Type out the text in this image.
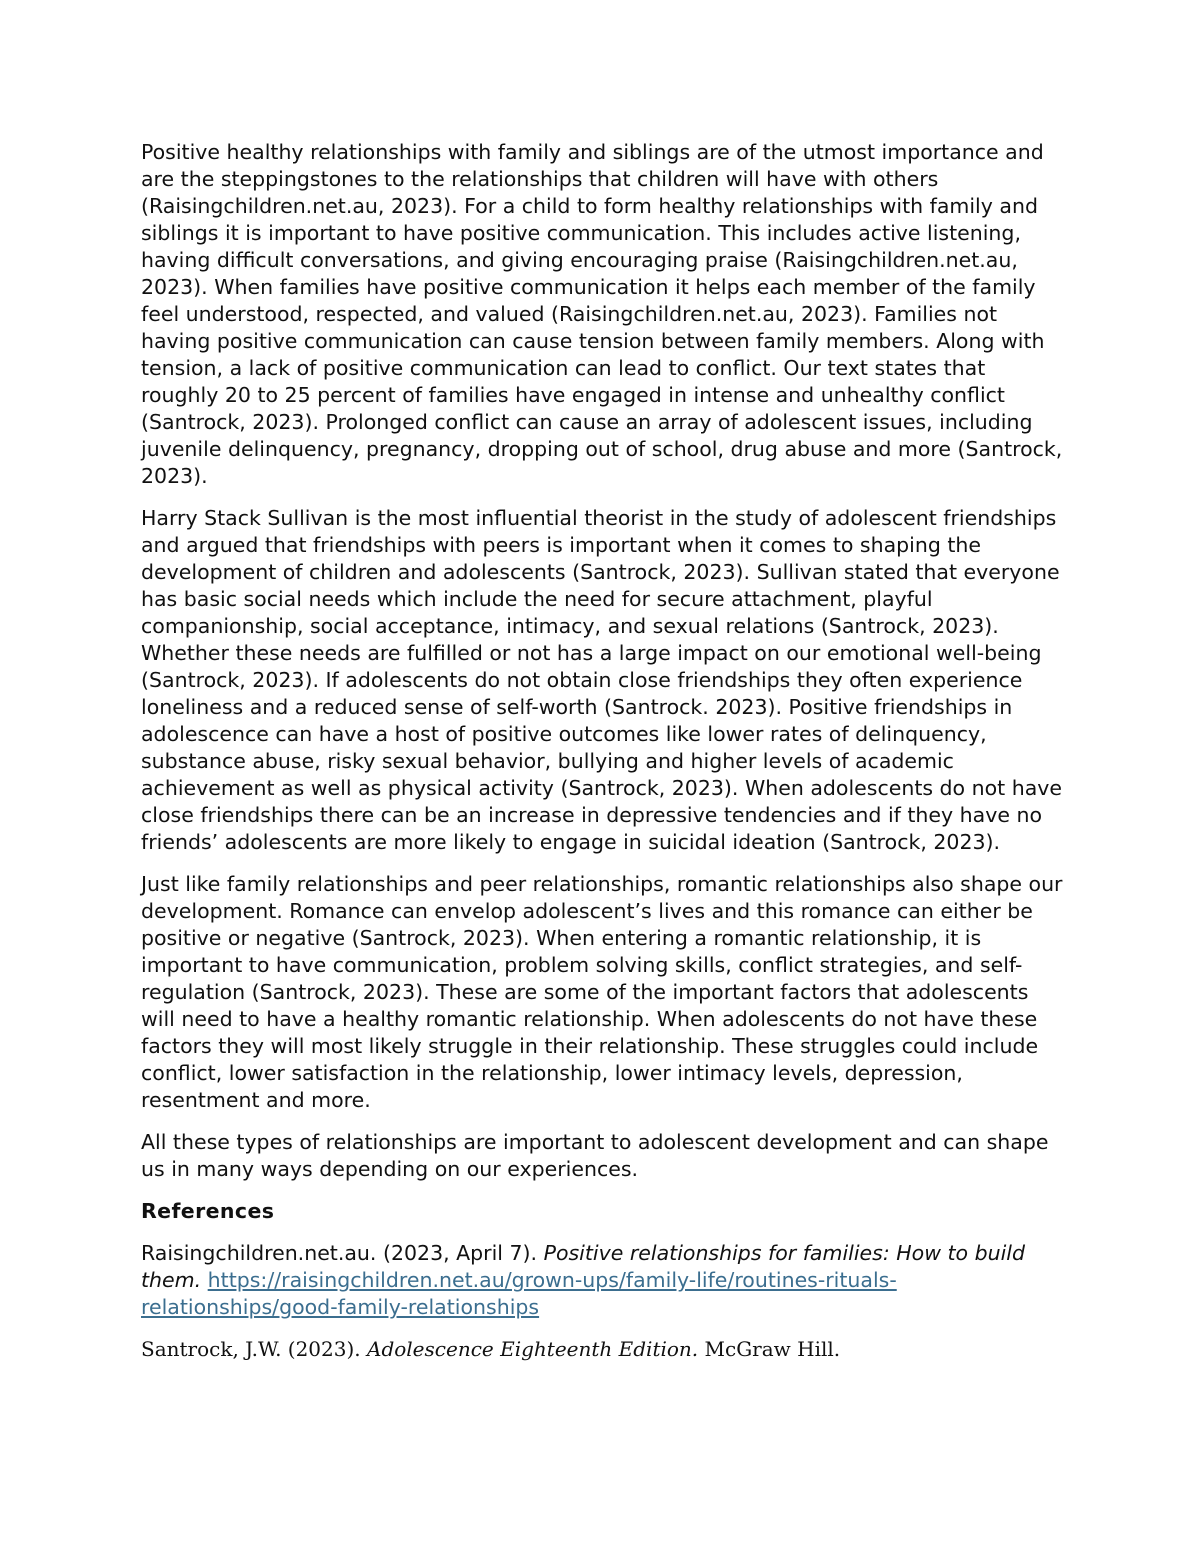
Positive healthy relationships with family and siblings are of the utmost importance and are the steppingstones to the relationships that children will have with others (Raisingchildren.net.au, 2023). For a child to form healthy relationships with family and siblings it is important to have positive communication. This includes active listening, having difficult conversations, and giving encouraging praise (Raisingchildren.net.au, 2023). When families have positive communication it helps each member of the family feel understood, respected, and valued (Raisingchildren.net.au, 2023). Families not having positive communication can cause tension between family members. Along with tension, a lack of positive communication can lead to conflict. Our text states that roughly 20 to 25 percent of families have engaged in intense and unhealthy conflict (Santrock, 2023). Prolonged conflict can cause an array of adolescent issues, including juvenile delinquency, pregnancy, dropping out of school, drug abuse and more (Santrock, 2023).

Harry Stack Sullivan is the most influential theorist in the study of adolescent friendships and argued that friendships with peers is important when it comes to shaping the development of children and adolescents (Santrock, 2023). Sullivan stated that everyone has basic social needs which include the need for secure attachment, playful companionship, social acceptance, intimacy, and sexual relations (Santrock, 2023). Whether these needs are fulfilled or not has a large impact on our emotional well-being (Santrock, 2023). If adolescents do not obtain close friendships they often experience loneliness and a reduced sense of self-worth (Santrock. 2023). Positive friendships in adolescence can have a host of positive outcomes like lower rates of delinquency, substance abuse, risky sexual behavior, bullying and higher levels of academic achievement as well as physical activity (Santrock, 2023). When adolescents do not have close friendships there can be an increase in depressive tendencies and if they have no friends’ adolescents are more likely to engage in suicidal ideation (Santrock, 2023).

Just like family relationships and peer relationships, romantic relationships also shape our development. Romance can envelop adolescent’s lives and this romance can either be positive or negative (Santrock, 2023). When entering a romantic relationship, it is important to have communication, problem solving skills, conflict strategies, and self-regulation (Santrock, 2023). These are some of the important factors that adolescents will need to have a healthy romantic relationship. When adolescents do not have these factors they will most likely struggle in their relationship. These struggles could include conflict, lower satisfaction in the relationship, lower intimacy levels, depression, resentment and more.

All these types of relationships are important to adolescent development and can shape us in many ways depending on our experiences.

References

Raisingchildren.net.au. (2023, April 7). Positive relationships for families: How to build them. https://raisingchildren.net.au/grown-ups/family-life/routines-rituals-relationships/good-family-relationships

Santrock, J.W. (2023). Adolescence Eighteenth Edition. McGraw Hill.
